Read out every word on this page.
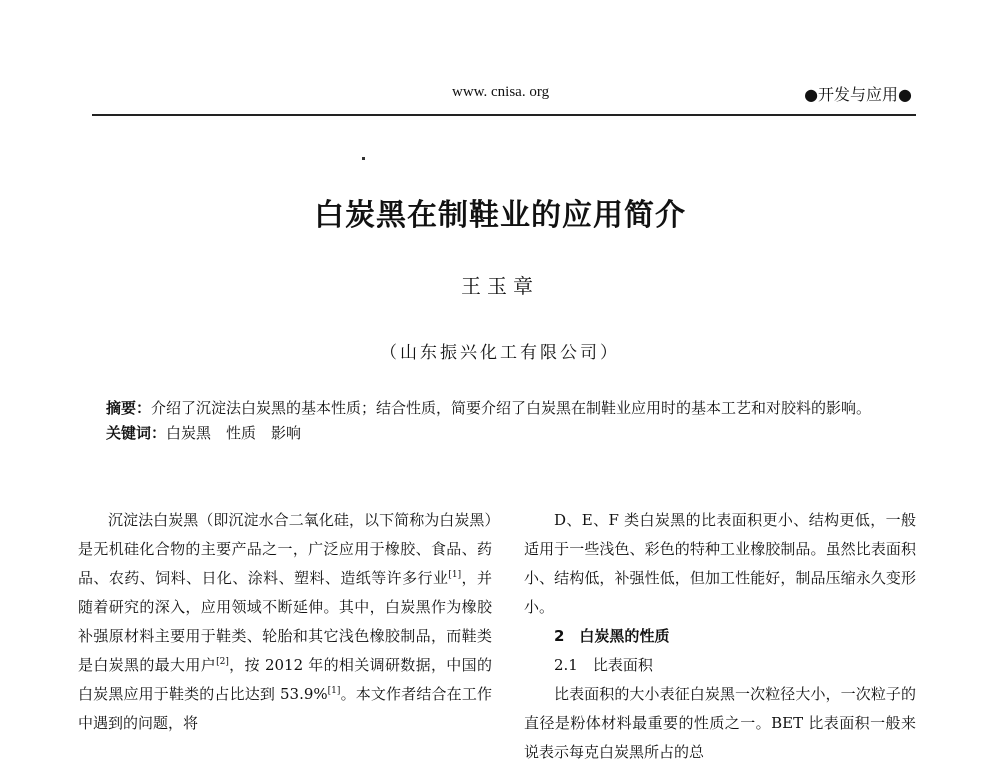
www. cnisa. org	●开发与应用●
白炭黑在制鞋业的应用简介
王玉章
（山东振兴化工有限公司）
摘要：介绍了沉淀法白炭黑的基本性质；结合性质，简要介绍了白炭黑在制鞋业应用时的基本工艺和对胶料的影响。
关键词：白炭黑　性质　影响

沉淀法白炭黑（即沉淀水合二氧化硅，以下简称为白炭黑）是无机硅化合物的主要产品之一，广泛应用于橡胶、食品、药品、农药、饲料、日化、涂料、塑料、造纸等许多行业[1]，并随着研究的深入，应用领域不断延伸。其中，白炭黑作为橡胶补强原材料主要用于鞋类、轮胎和其它浅色橡胶制品，而鞋类是白炭黑的最大用户[2]，按 2012 年的相关调研数据，中国的白炭黑应用于鞋类的占比达到 53.9%[1]。本文作者结合在工作中遇到的问题，将

D、E、F 类白炭黑的比表面积更小、结构更低，一般适用于一些浅色、彩色的特种工业橡胶制品。虽然比表面积小、结构低，补强性低，但加工性能好，制品压缩永久变形小。

2　白炭黑的性质

2.1　比表面积

比表面积的大小表征白炭黑一次粒径大小，一次粒子的直径是粉体材料最重要的性质之一。BET 比表面积一般来说表示每克白炭黑所占的总
